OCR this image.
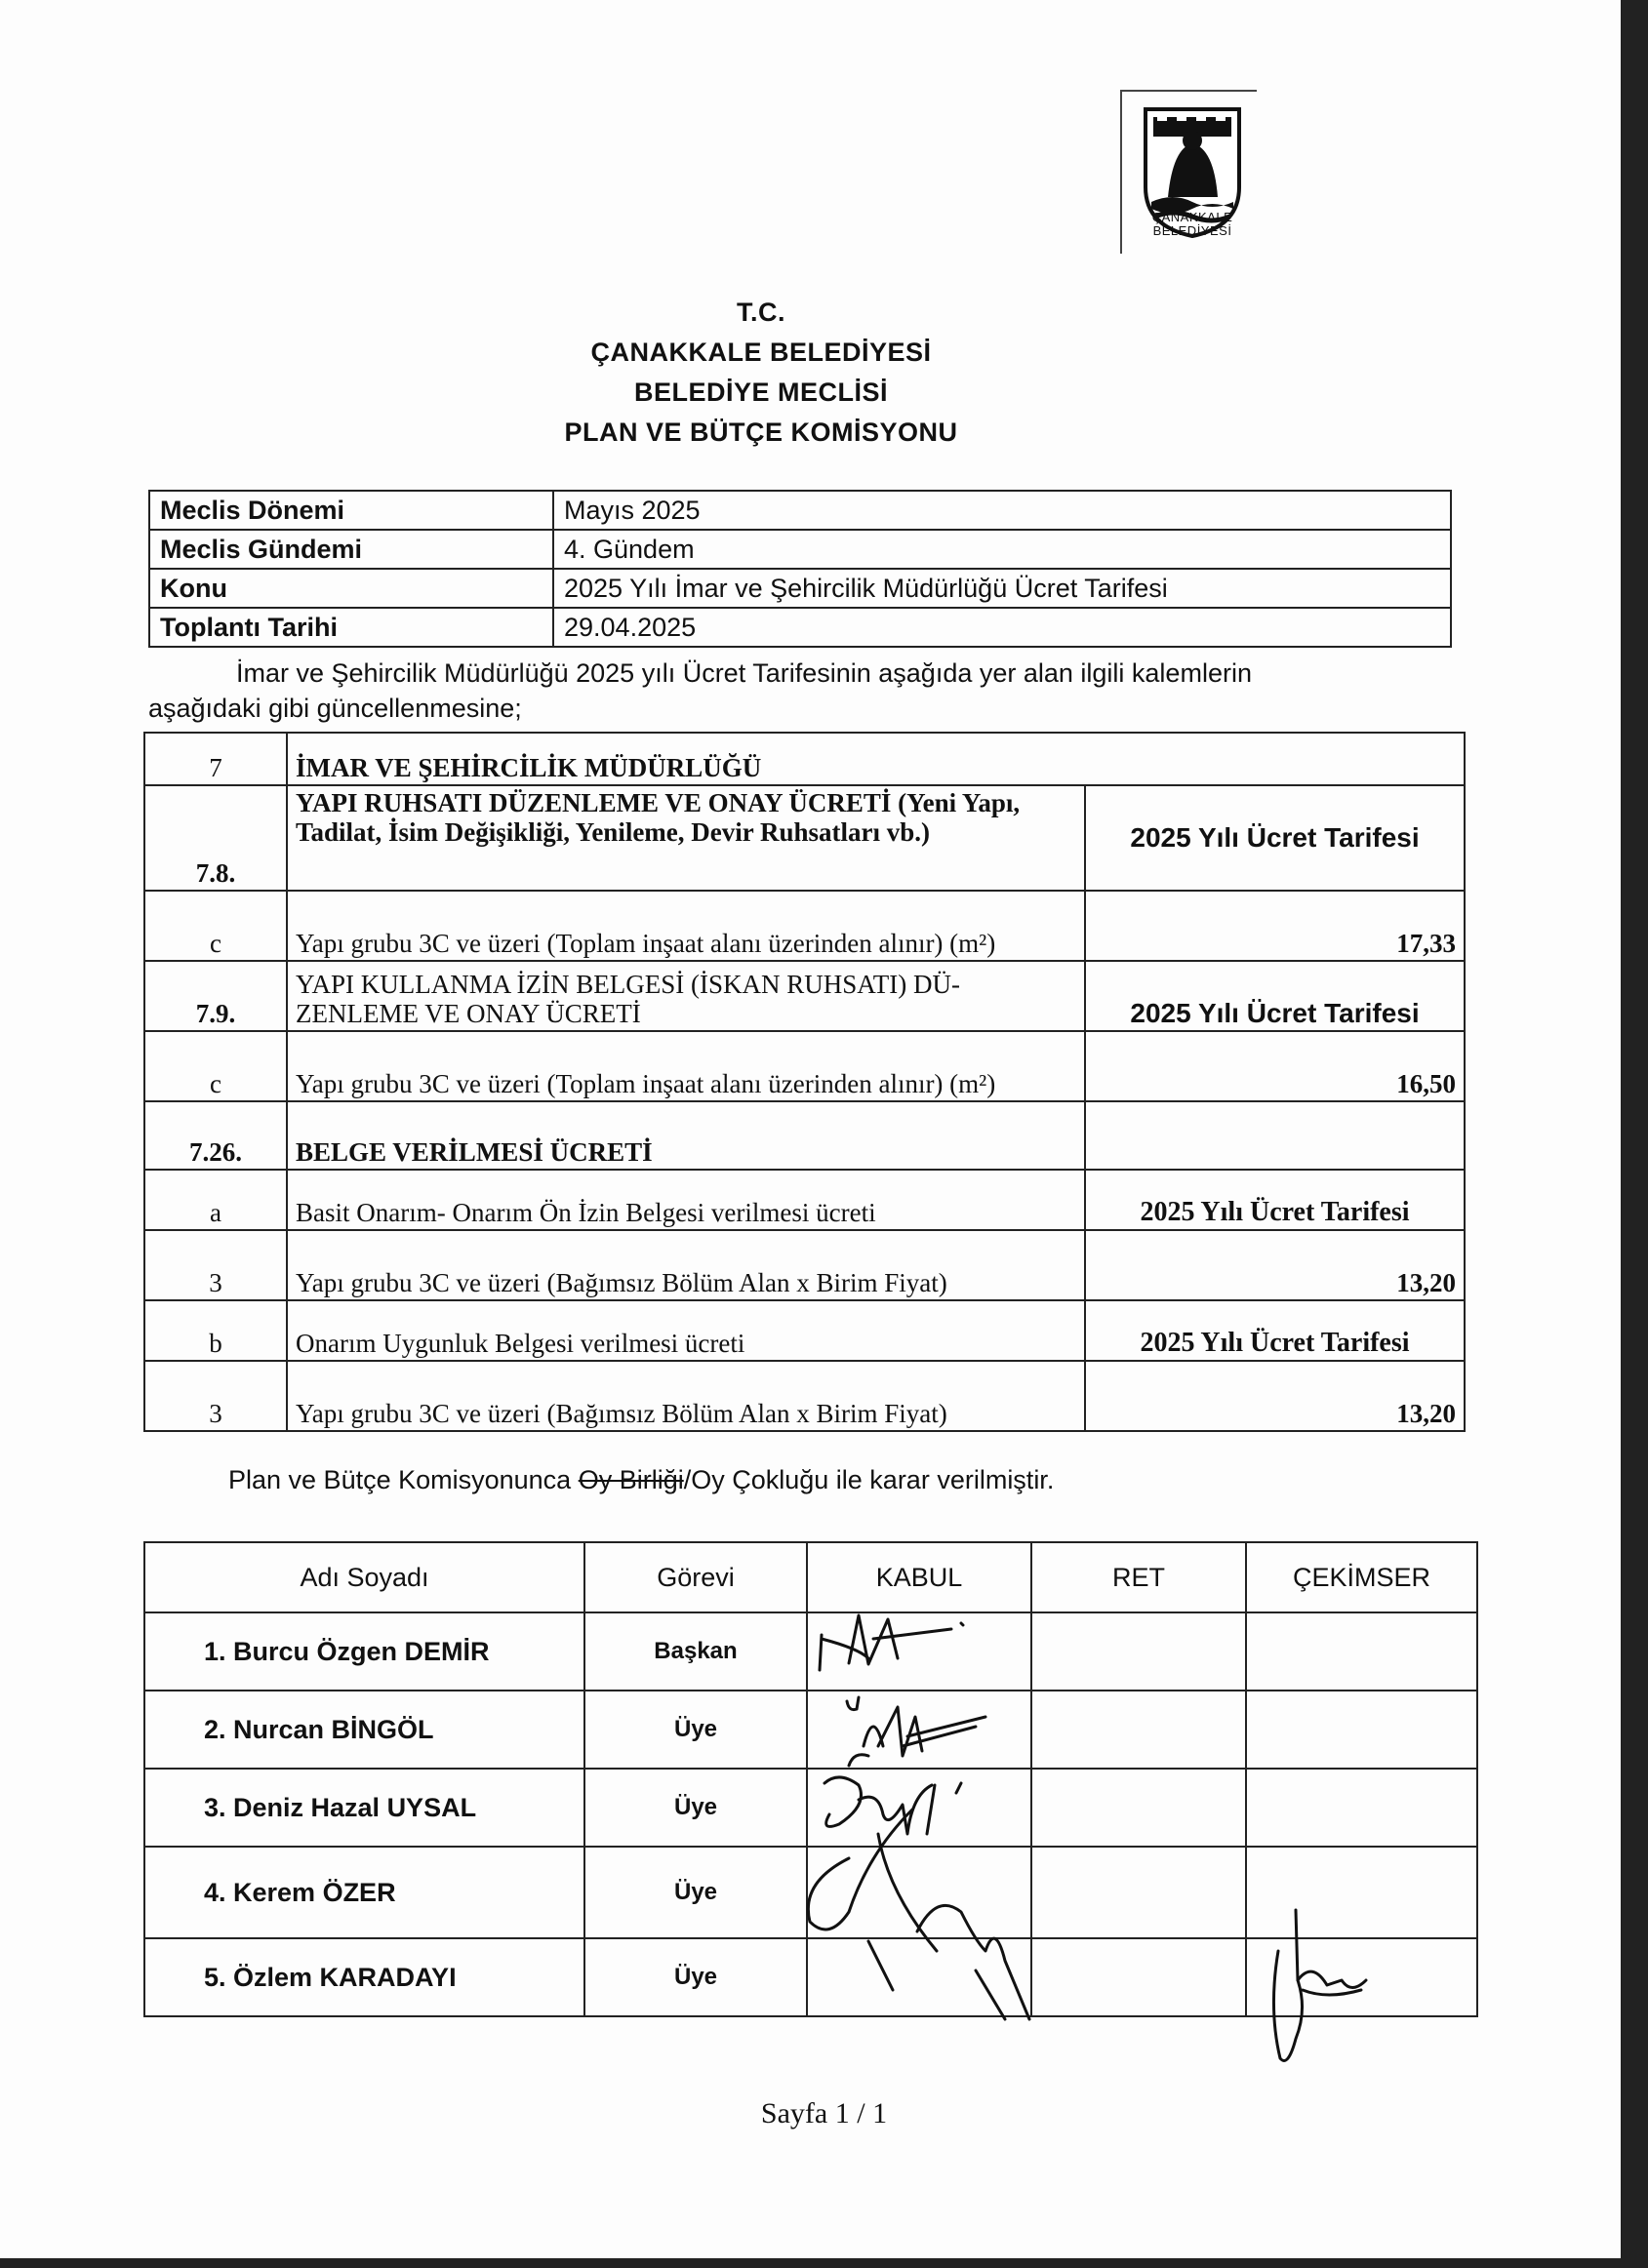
ÇANAKKALE
BELEDİYESİ
T.C.
ÇANAKKALE BELEDİYESİ
BELEDİYE MECLİSİ
PLAN VE BÜTÇE KOMİSYONU
Meclis Dönemi	Mayıs 2025
Meclis Gündemi	4. Gündem
Konu	2025 Yılı İmar ve Şehircilik Müdürlüğü Ücret Tarifesi
Toplantı Tarihi	29.04.2025
İmar ve Şehircilik Müdürlüğü 2025 yılı Ücret Tarifesinin aşağıda yer alan ilgili kalemlerin
aşağıdaki gibi güncellenmesine;
7	İMAR VE ŞEHİRCİLİK MÜDÜRLÜĞÜ	
7.8.	YAPI RUHSATI DÜZENLEME VE ONAY ÜCRETİ (Yeni Yapı, Tadilat, İsim Değişikliği, Yenileme, Devir Ruhsatları vb.)	2025 Yılı Ücret Tarifesi
c	Yapı grubu 3C ve üzeri (Toplam inşaat alanı üzerinden alınır) (m²)	17,33
7.9.	YAPI KULLANMA İZİN BELGESİ (İSKAN RUHSATI) DÜ-ZENLEME VE ONAY ÜCRETİ	2025 Yılı Ücret Tarifesi
c	Yapı grubu 3C ve üzeri (Toplam inşaat alanı üzerinden alınır) (m²)	16,50
7.26.	BELGE VERİLMESİ ÜCRETİ	
a	Basit Onarım- Onarım Ön İzin Belgesi verilmesi ücreti	2025 Yılı Ücret Tarifesi
3	Yapı grubu 3C ve üzeri (Bağımsız Bölüm Alan x Birim Fiyat)	13,20
b	Onarım Uygunluk Belgesi verilmesi ücreti	2025 Yılı Ücret Tarifesi
3	Yapı grubu 3C ve üzeri (Bağımsız Bölüm Alan x Birim Fiyat)	13,20
Plan ve Bütçe Komisyonunca Oy Birliği/Oy Çokluğu ile karar verilmiştir.
Adı Soyadı	Görevi	KABUL	RET	ÇEKİMSER
1. Burcu Özgen DEMİR	Başkan			
2. Nurcan BİNGÖL	Üye			
3. Deniz Hazal UYSAL	Üye			
4. Kerem ÖZER	Üye			
5. Özlem KARADAYI	Üye			
Sayfa 1 / 1
